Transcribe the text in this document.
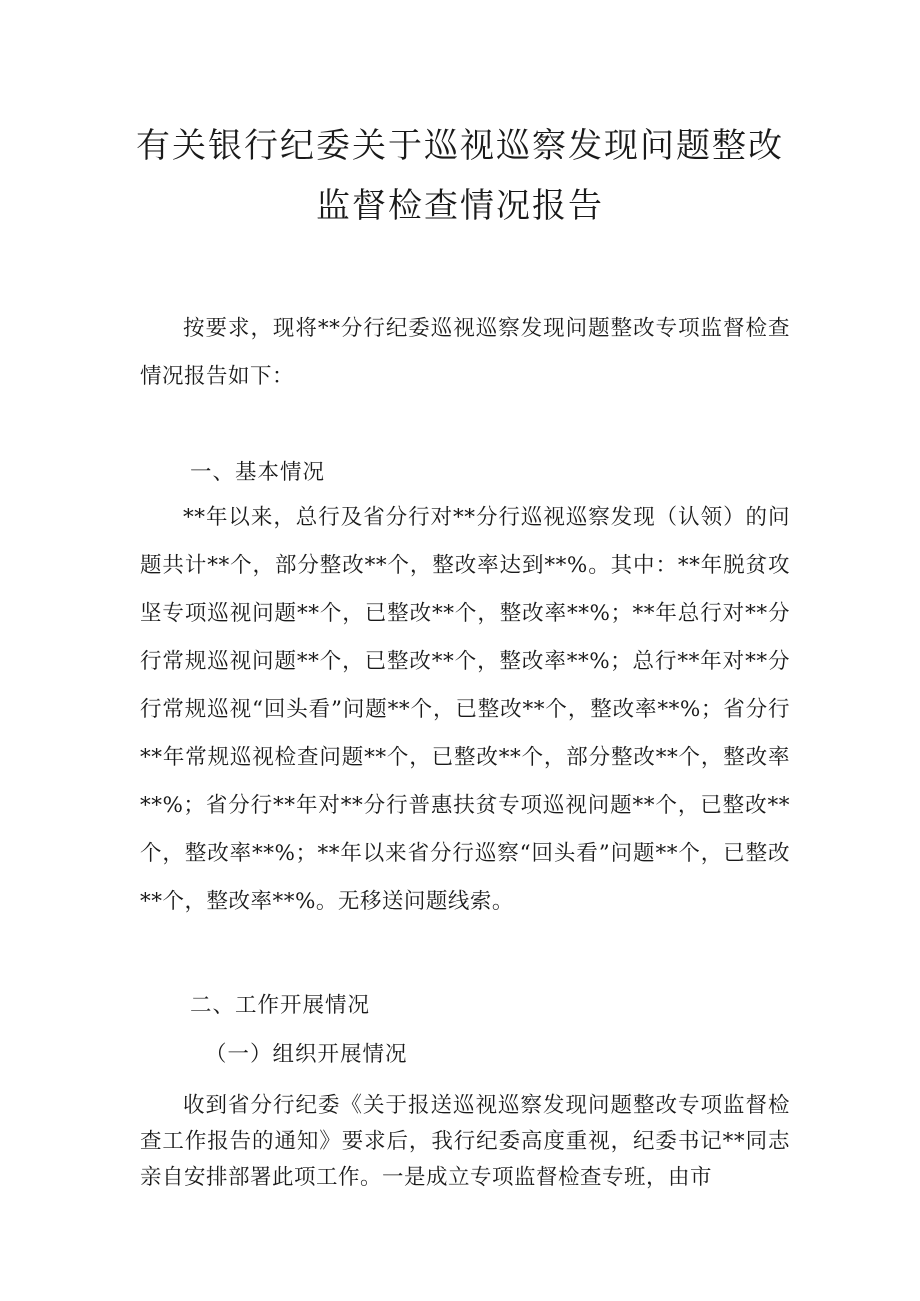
有关银行纪委关于巡视巡察发现问题整改
监督检查情况报告

按要求，现将**分行纪委巡视巡察发现问题整改专项监督检查情况报告如下：

一、基本情况

**年以来，总行及省分行对**分行巡视巡察发现（认领）的问题共计**个，部分整改**个，整改率达到**%。其中：**年脱贫攻坚专项巡视问题**个，已整改**个，整改率**%；**年总行对**分行常规巡视问题**个，已整改**个，整改率**%；总行**年对**分行常规巡视“回头看”问题**个，已整改**个，整改率**%；省分行**年常规巡视检查问题**个，已整改**个，部分整改**个，整改率**%；省分行**年对**分行普惠扶贫专项巡视问题**个，已整改**个，整改率**%；**年以来省分行巡察“回头看”问题**个，已整改**个，整改率**%。无移送问题线索。

二、工作开展情况
（一）组织开展情况

收到省分行纪委《关于报送巡视巡察发现问题整改专项监督检查工作报告的通知》要求后，我行纪委高度重视，纪委书记**同志亲自安排部署此项工作。一是成立专项监督检查专班，由市
